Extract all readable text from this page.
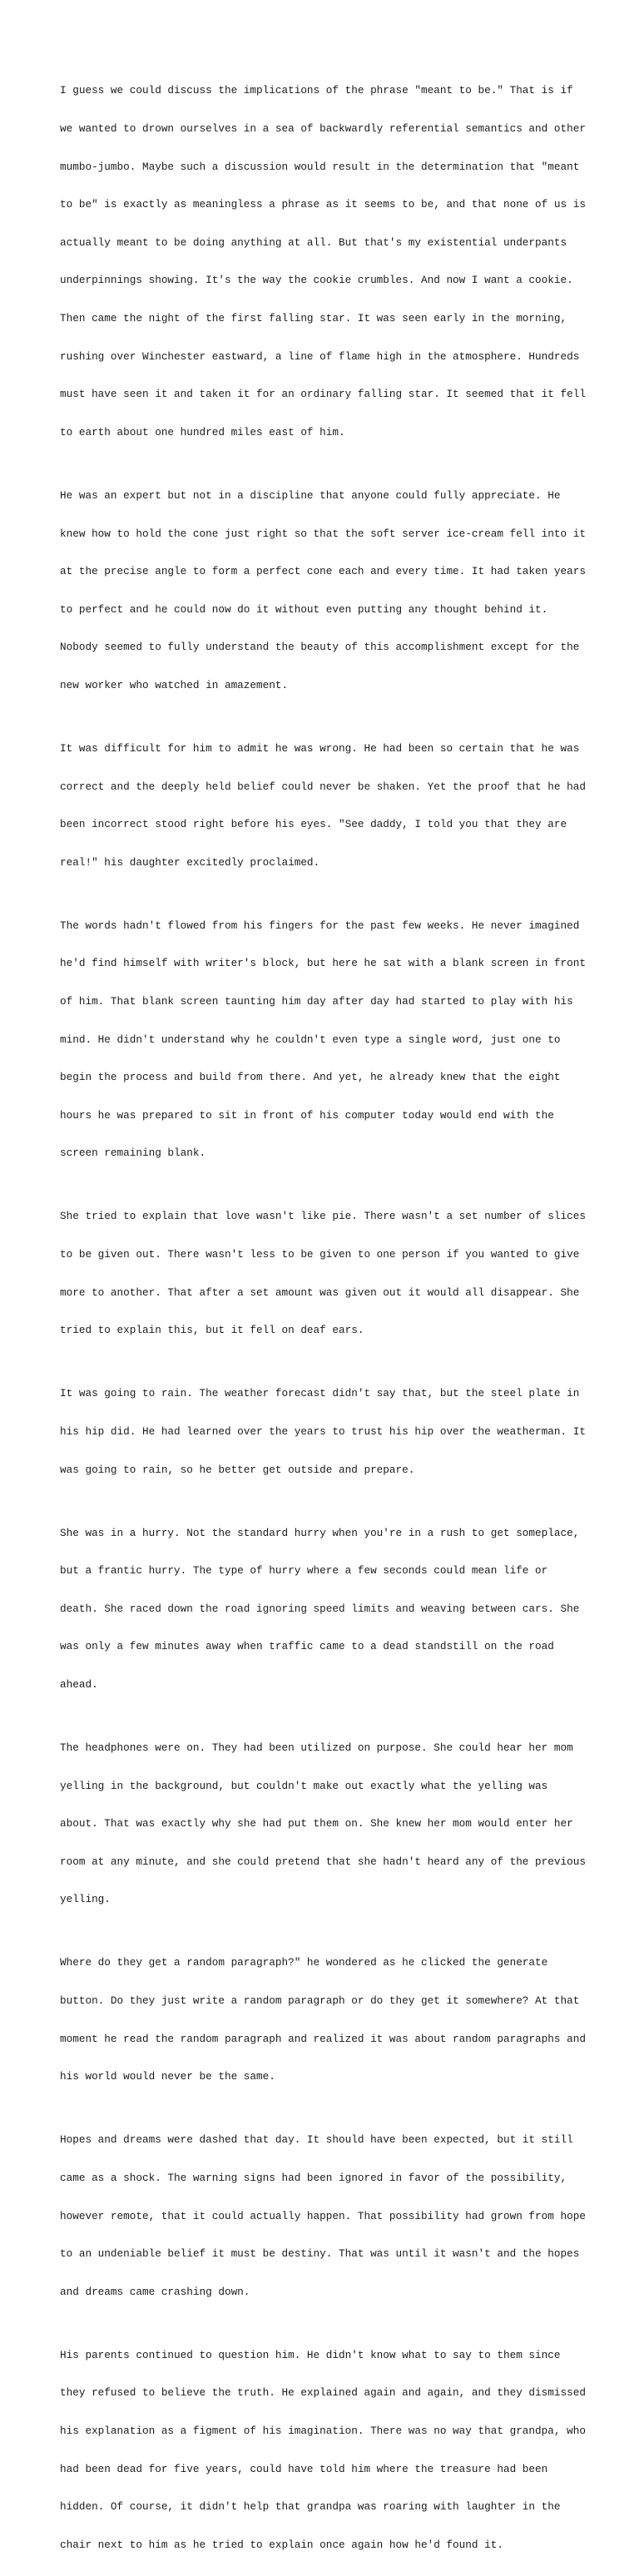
I guess we could discuss the implications of the phrase "meant to be." That is if

we wanted to drown ourselves in a sea of backwardly referential semantics and other

mumbo-jumbo. Maybe such a discussion would result in the determination that "meant

to be" is exactly as meaningless a phrase as it seems to be, and that none of us is

actually meant to be doing anything at all. But that's my existential underpants

underpinnings showing. It's the way the cookie crumbles. And now I want a cookie.

Then came the night of the first falling star. It was seen early in the morning,

rushing over Winchester eastward, a line of flame high in the atmosphere. Hundreds

must have seen it and taken it for an ordinary falling star. It seemed that it fell

to earth about one hundred miles east of him.

He was an expert but not in a discipline that anyone could fully appreciate. He

knew how to hold the cone just right so that the soft server ice-cream fell into it

at the precise angle to form a perfect cone each and every time. It had taken years

to perfect and he could now do it without even putting any thought behind it.

Nobody seemed to fully understand the beauty of this accomplishment except for the

new worker who watched in amazement.

It was difficult for him to admit he was wrong. He had been so certain that he was

correct and the deeply held belief could never be shaken. Yet the proof that he had

been incorrect stood right before his eyes. "See daddy, I told you that they are

real!" his daughter excitedly proclaimed.

The words hadn't flowed from his fingers for the past few weeks. He never imagined

he'd find himself with writer's block, but here he sat with a blank screen in front

of him. That blank screen taunting him day after day had started to play with his

mind. He didn't understand why he couldn't even type a single word, just one to

begin the process and build from there. And yet, he already knew that the eight

hours he was prepared to sit in front of his computer today would end with the

screen remaining blank.

She tried to explain that love wasn't like pie. There wasn't a set number of slices

to be given out. There wasn't less to be given to one person if you wanted to give

more to another. That after a set amount was given out it would all disappear. She

tried to explain this, but it fell on deaf ears.

It was going to rain. The weather forecast didn't say that, but the steel plate in

his hip did. He had learned over the years to trust his hip over the weatherman. It

was going to rain, so he better get outside and prepare.

She was in a hurry. Not the standard hurry when you're in a rush to get someplace,

but a frantic hurry. The type of hurry where a few seconds could mean life or

death. She raced down the road ignoring speed limits and weaving between cars. She

was only a few minutes away when traffic came to a dead standstill on the road

ahead.

The headphones were on. They had been utilized on purpose. She could hear her mom

yelling in the background, but couldn't make out exactly what the yelling was

about. That was exactly why she had put them on. She knew her mom would enter her

room at any minute, and she could pretend that she hadn't heard any of the previous

yelling.

Where do they get a random paragraph?" he wondered as he clicked the generate

button. Do they just write a random paragraph or do they get it somewhere? At that

moment he read the random paragraph and realized it was about random paragraphs and

his world would never be the same.

Hopes and dreams were dashed that day. It should have been expected, but it still

came as a shock. The warning signs had been ignored in favor of the possibility,

however remote, that it could actually happen. That possibility had grown from hope

to an undeniable belief it must be destiny. That was until it wasn't and the hopes

and dreams came crashing down.

His parents continued to question him. He didn't know what to say to them since

they refused to believe the truth. He explained again and again, and they dismissed

his explanation as a figment of his imagination. There was no way that grandpa, who

had been dead for five years, could have told him where the treasure had been

hidden. Of course, it didn't help that grandpa was roaring with laughter in the

chair next to him as he tried to explain once again how he'd found it.
